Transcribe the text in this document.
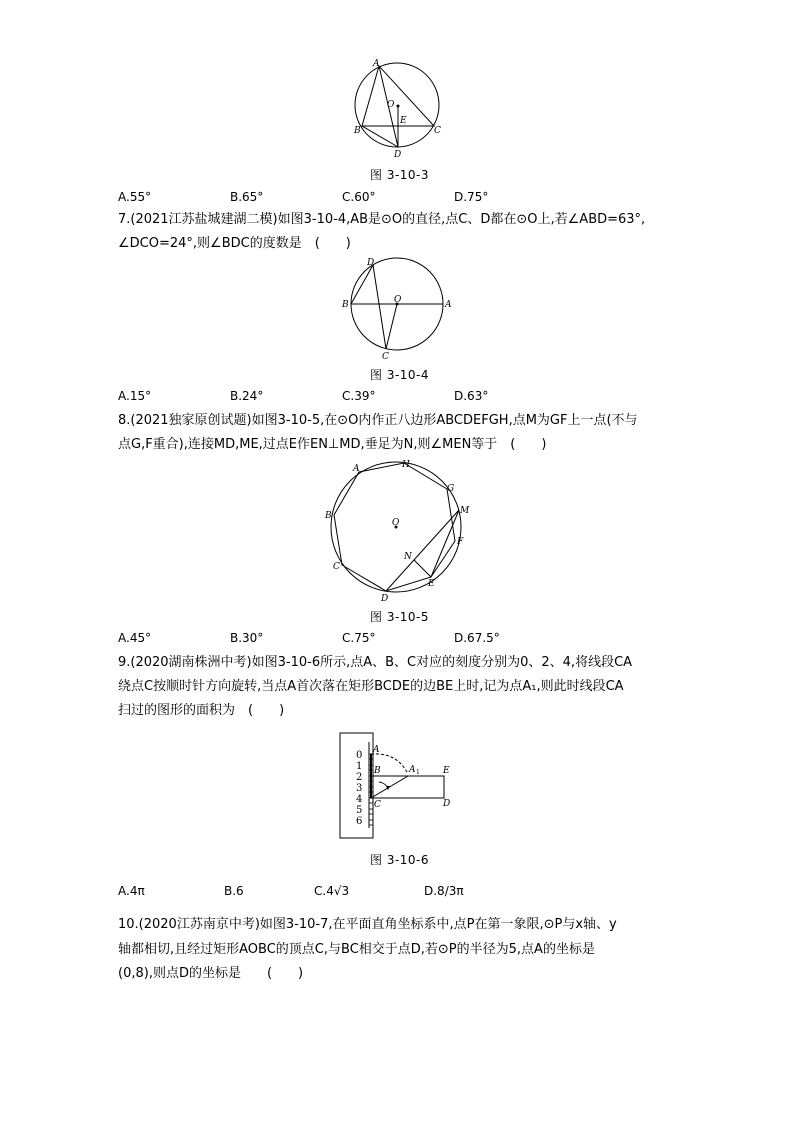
A
O
E
B	C
D
图 3-10-3
A.55°	B.65°	C.60°	D.75°
7.(2021江苏盐城建湖二模)如图3-10-4,AB是⊙O的直径,点C、D都在⊙O上,若∠ABD=63°,
∠DCO=24°,则∠BDC的度数是　(　　)
D
B	O	A
C
图 3-10-4
A.15°	B.24°	C.39°	D.63°
8.(2021独家原创试题)如图3-10-5,在⊙O内作正八边形ABCDEFGH,点M为GF上一点(不与
点G,F重合),连接MD,ME,过点E作EN⊥MD,垂足为N,则∠MEN等于　(　　)
A	H
G
M
F
E
N
D
C
B
O
图 3-10-5
A.45°	B.30°	C.75°	D.67.5°
9.(2020湖南株洲中考)如图3-10-6所示,点A、B、C对应的刻度分别为0、2、4,将线段CA
绕点C按顺时针方向旋转,当点A首次落在矩形BCDE的边BE上时,记为点A₁,则此时线段CA
扫过的图形的面积为　(　　)
0
1
2
3
4
5
6
A
B
C
A 1	E
D
图 3-10-6
A.4π	B.6	C.4√3	D.8/3π
10.(2020江苏南京中考)如图3-10-7,在平面直角坐标系中,点P在第一象限,⊙P与x轴、y
轴都相切,且经过矩形AOBC的顶点C,与BC相交于点D,若⊙P的半径为5,点A的坐标是
(0,8),则点D的坐标是　　(　　)
